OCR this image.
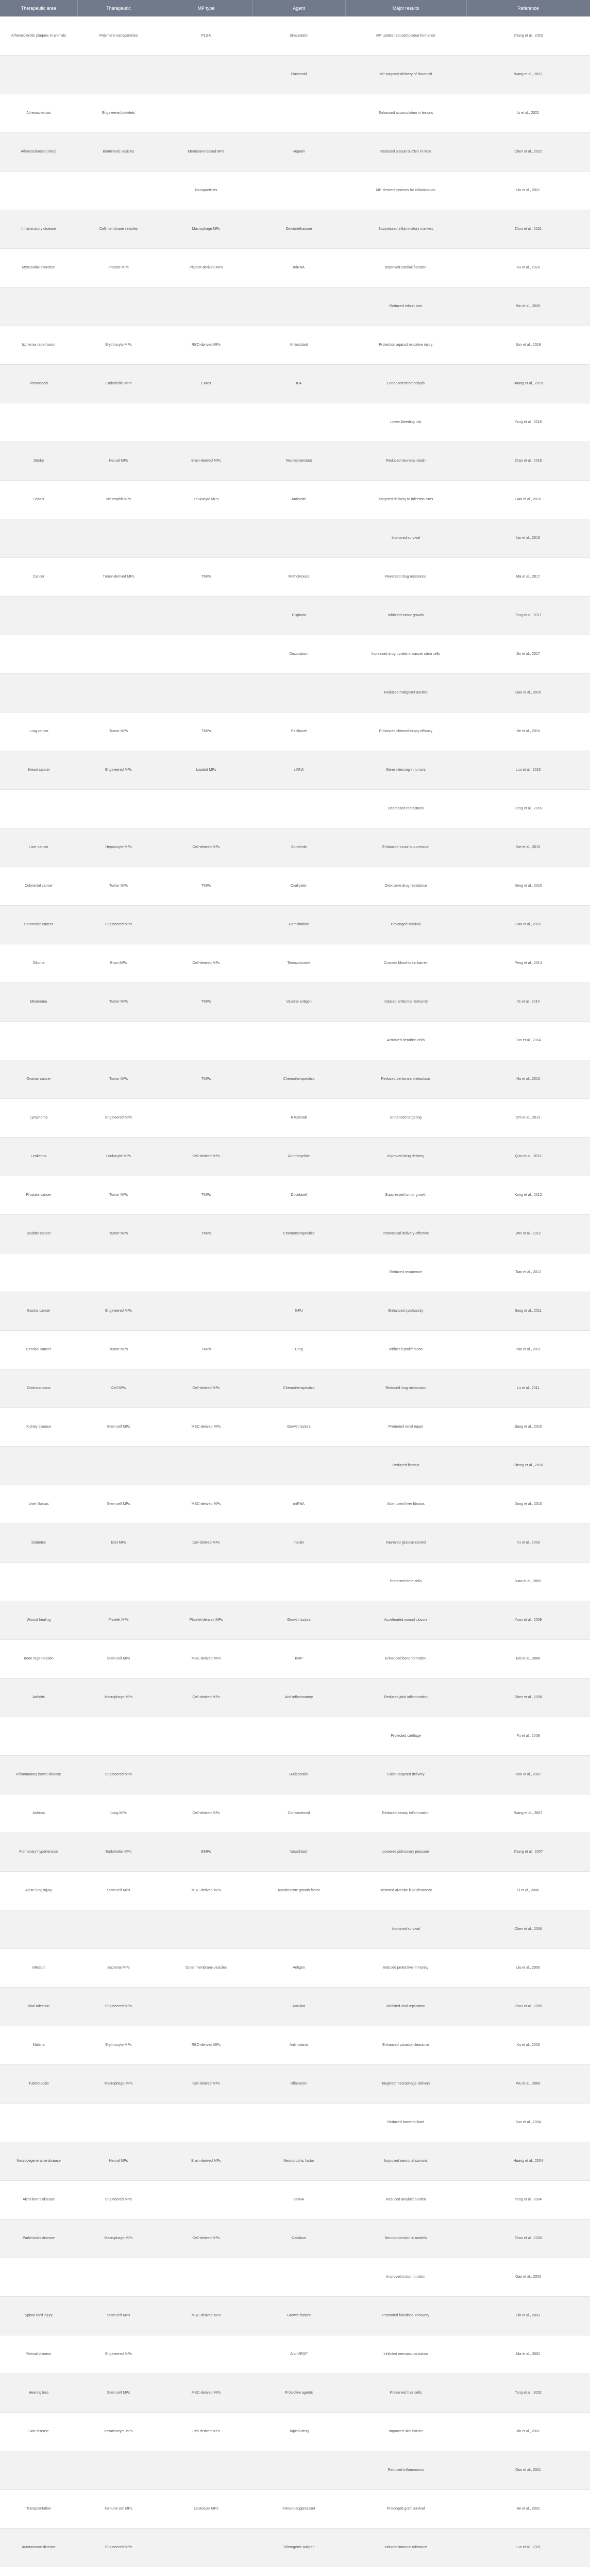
Therapeutic area	Therapeutic	MP type	Agent	Major results	Reference
Atherosclerotic plaques in animals	Polymeric nanoparticles	PLGA	Simvastatin	MP uptake reduced plaque formation	Zhang et al., 2023
			Flavonoid	MP-targeted delivery of flavonoid	Wang et al., 2023
Atherosclerosis	Engineered platelets			Enhanced accumulation in lesions	Li et al., 2022
Atherosclerosis (mice)	Biomimetic vesicles	Membrane-based MPs	Heparin	Reduced plaque burden in mice	Chen et al., 2022
		Nanoparticles		MP-derived systems for inflammation	Liu et al., 2021
Inflammatory disease	Cell membrane vesicles	Macrophage MPs	Dexamethasone	Suppressed inflammatory markers	Zhou et al., 2021
Myocardial infarction	Platelet MPs	Platelet-derived MPs	miRNA	Improved cardiac function	Xu et al., 2020
				Reduced infarct size	Wu et al., 2020
Ischemia reperfusion	Erythrocyte MPs	RBC-derived MPs	Antioxidant	Protection against oxidative injury	Sun et al., 2019
Thrombosis	Endothelial MPs	EMPs	tPA	Enhanced thrombolysis	Huang et al., 2019
				Lower bleeding risk	Yang et al., 2019
Stroke	Neural MPs	Brain-derived MPs	Neuroprotectant	Reduced neuronal death	Zhao et al., 2018
Sepsis	Neutrophil MPs	Leukocyte MPs	Antibiotic	Targeted delivery to infection sites	Gao et al., 2018
				Improved survival	Lin et al., 2018
Cancer	Tumor-derived MPs	TMPs	Methotrexate	Reversed drug resistance	Ma et al., 2017
			Cisplatin	Inhibited tumor growth	Tang et al., 2017
			Doxorubicin	Increased drug uptake in cancer stem cells	Jin et al., 2017
				Reduced malignant ascites	Guo et al., 2016
Lung cancer	Tumor MPs	TMPs	Paclitaxel	Enhanced chemotherapy efficacy	He et al., 2016
Breast cancer	Engineered MPs	Loaded MPs	siRNA	Gene silencing in tumors	Luo et al., 2016
				Decreased metastasis	Feng et al., 2016
Liver cancer	Hepatocyte MPs	Cell-derived MPs	Sorafenib	Enhanced tumor suppression	Xie et al., 2015
Colorectal cancer	Tumor MPs	TMPs	Oxaliplatin	Overcame drug resistance	Deng et al., 2015
Pancreatic cancer	Engineered MPs		Gemcitabine	Prolonged survival	Cao et al., 2015
Glioma	Brain MPs	Cell-derived MPs	Temozolomide	Crossed blood-brain barrier	Peng et al., 2014
Melanoma	Tumor MPs	TMPs	Vaccine antigen	Induced antitumor immunity	Ye et al., 2014
				Activated dendritic cells	Fan et al., 2014
Ovarian cancer	Tumor MPs	TMPs	Chemotherapeutics	Reduced peritoneal metastasis	Hu et al., 2013
Lymphoma	Engineered MPs		Rituximab	Enhanced targeting	Shi et al., 2013
Leukemia	Leukocyte MPs	Cell-derived MPs	Anthracycline	Improved drug delivery	Qian et al., 2013
Prostate cancer	Tumor MPs	TMPs	Docetaxel	Suppressed tumor growth	Kong et al., 2012
Bladder cancer	Tumor MPs	TMPs	Chemotherapeutics	Intravesical delivery effective	Wei et al., 2012
				Reduced recurrence	Tian et al., 2012
Gastric cancer	Engineered MPs		5-FU	Enhanced cytotoxicity	Song et al., 2011
Cervical cancer	Tumor MPs	TMPs	Drug	Inhibited proliferation	Pan et al., 2011
Osteosarcoma	Cell MPs	Cell-derived MPs	Chemotherapeutics	Reduced lung metastasis	Lu et al., 2011
Kidney disease	Stem cell MPs	MSC-derived MPs	Growth factors	Promoted renal repair	Jiang et al., 2010
				Reduced fibrosis	Cheng et al., 2010
Liver fibrosis	Stem cell MPs	MSC-derived MPs	miRNA	Attenuated liver fibrosis	Dong et al., 2010
Diabetes	Islet MPs	Cell-derived MPs	Insulin	Improved glucose control	Yu et al., 2009
				Protected beta cells	Xiao et al., 2009
Wound healing	Platelet MPs	Platelet-derived MPs	Growth factors	Accelerated wound closure	Yuan et al., 2009
Bone regeneration	Stem cell MPs	MSC-derived MPs	BMP	Enhanced bone formation	Bai et al., 2008
Arthritis	Macrophage MPs	Cell-derived MPs	Anti-inflammatory	Reduced joint inflammation	Shen et al., 2008
				Protected cartilage	Fu et al., 2008
Inflammatory bowel disease	Engineered MPs		Budesonide	Colon-targeted delivery	Ren et al., 2007
Asthma	Lung MPs	Cell-derived MPs	Corticosteroid	Reduced airway inflammation	Wang et al., 2007
Pulmonary hypertension	Endothelial MPs	EMPs	Vasodilator	Lowered pulmonary pressure	Zhang et al., 2007
Acute lung injury	Stem cell MPs	MSC-derived MPs	Keratinocyte growth factor	Restored alveolar fluid clearance	Li et al., 2006
				Improved survival	Chen et al., 2006
Infection	Bacterial MPs	Outer membrane vesicles	Antigen	Induced protective immunity	Liu et al., 2006
Viral infection	Engineered MPs		Antiviral	Inhibited viral replication	Zhou et al., 2005
Malaria	Erythrocyte MPs	RBC-derived MPs	Antimalarial	Enhanced parasite clearance	Xu et al., 2005
Tuberculosis	Macrophage MPs	Cell-derived MPs	Rifampicin	Targeted macrophage delivery	Wu et al., 2005
				Reduced bacterial load	Sun et al., 2004
Neurodegenerative disease	Neural MPs	Brain-derived MPs	Neurotrophic factor	Improved neuronal survival	Huang et al., 2004
Alzheimer's disease	Engineered MPs		siRNA	Reduced amyloid burden	Yang et al., 2004
Parkinson's disease	Macrophage MPs	Cell-derived MPs	Catalase	Neuroprotection in models	Zhao et al., 2003
				Improved motor function	Gao et al., 2003
Spinal cord injury	Stem cell MPs	MSC-derived MPs	Growth factors	Promoted functional recovery	Lin et al., 2003
Retinal disease	Engineered MPs		Anti-VEGF	Inhibited neovascularization	Ma et al., 2002
Hearing loss	Stem cell MPs	MSC-derived MPs	Protective agents	Preserved hair cells	Tang et al., 2002
Skin disease	Keratinocyte MPs	Cell-derived MPs	Topical drug	Improved skin barrier	Jin et al., 2002
				Reduced inflammation	Guo et al., 2001
Transplantation	Immune cell MPs	Leukocyte MPs	Immunosuppressant	Prolonged graft survival	He et al., 2001
Autoimmune disease	Engineered MPs		Tolerogenic antigen	Induced immune tolerance	Luo et al., 2001
